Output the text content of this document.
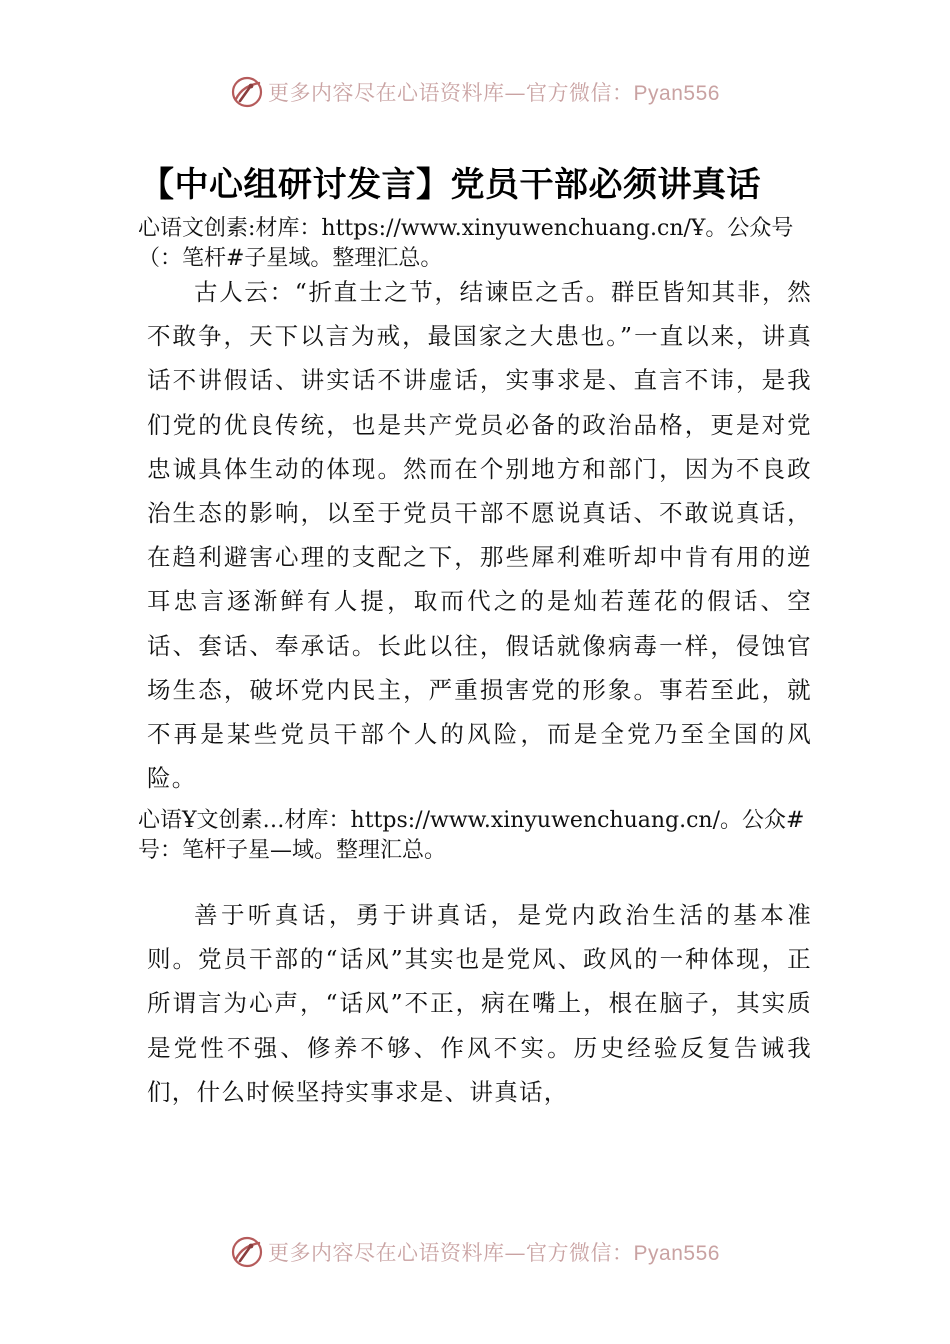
更多内容尽在心语资料库—官方微信：Pyan556
【中心组研讨发言】党员干部必须讲真话

心语文创素:材库：https://www.xinyuwenchuang.cn/Ұ。公众号（：笔杆#子星域。整理汇总。

古人云：“折直士之节，结谏臣之舌。群臣皆知其非，然不敢争，天下以言为戒，最国家之大患也。”一直以来，讲真话不讲假话、讲实话不讲虚话，实事求是、直言不讳，是我们党的优良传统，也是共产党员必备的政治品格，更是对党忠诚具体生动的体现。然而在个别地方和部门，因为不良政治生态的影响，以至于党员干部不愿说真话、不敢说真话，在趋利避害心理的支配之下，那些犀利难听却中肯有用的逆耳忠言逐渐鲜有人提，取而代之的是灿若莲花的假话、空话、套话、奉承话。长此以往，假话就像病毒一样，侵蚀官场生态，破坏党内民主，严重损害党的形象。事若至此，就不再是某些党员干部个人的风险，而是全党乃至全国的风险。

心语Ұ文创素…材库：https://www.xinyuwenchuang.cn/。公众#号：笔杆子星—域。整理汇总。

善于听真话，勇于讲真话，是党内政治生活的基本准则。党员干部的“话风”其实也是党风、政风的一种体现，正所谓言为心声，“话风”不正，病在嘴上，根在脑子，其实质是党性不强、修养不够、作风不实。历史经验反复告诫我们，什么时候坚持实事求是、讲真话，

更多内容尽在心语资料库—官方微信：Pyan556
